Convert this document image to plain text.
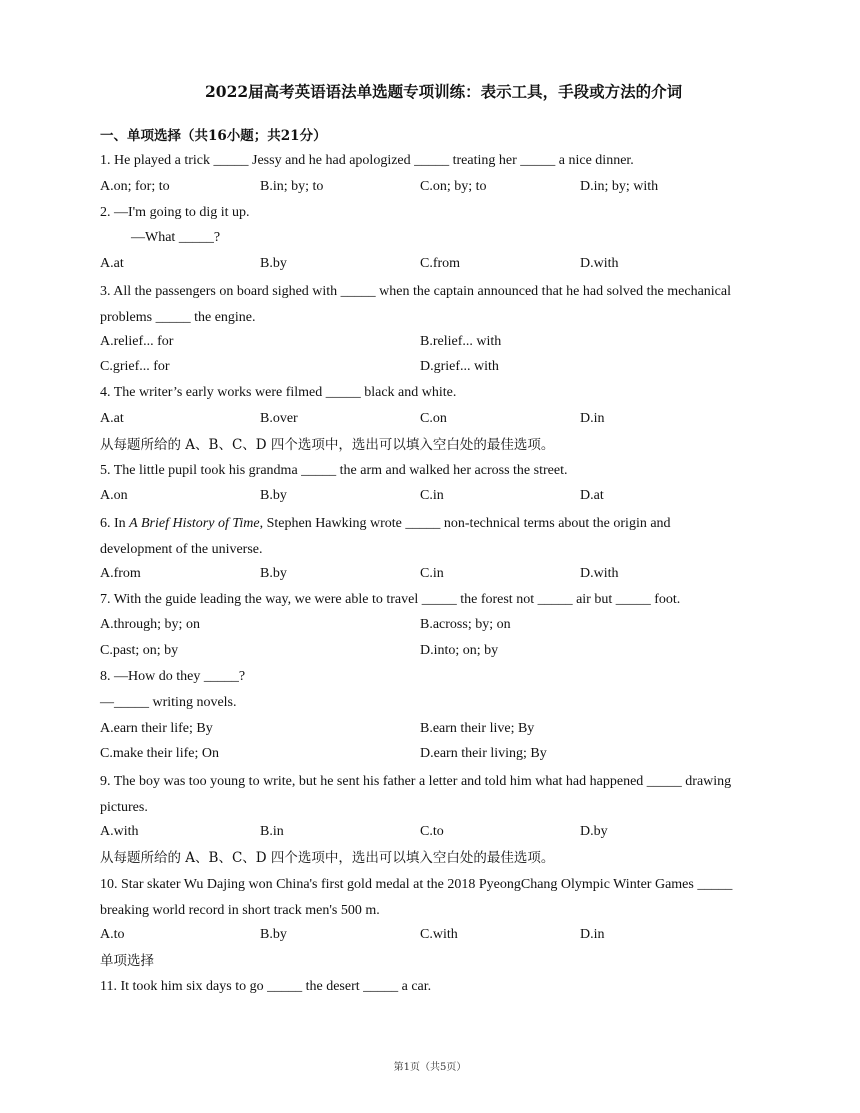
2022届高考英语语法单选题专项训练：表示工具，手段或方法的介词
一、单项选择（共16小题；共21分）
1. He played a trick _____ Jessy and he had apologized _____ treating her _____ a nice dinner.
A.on; for; to	B.in; by; to	C.on; by; to	D.in; by; with
2. —I'm going to dig it up.
—What _____?
A.at	B.by	C.from	D.with
3. All the passengers on board sighed with _____ when the captain announced that he had solved the mechanical problems _____ the engine.
A.relief... for	B.relief... with
C.grief... for	D.grief... with
4. The writer’s early works were filmed _____ black and white.
A.at	B.over	C.on	D.in
从每题所给的 A、B、C、D 四个选项中，选出可以填入空白处的最佳选项。
5. The little pupil took his grandma _____ the arm and walked her across the street.
A.on	B.by	C.in	D.at
6. In A Brief History of Time, Stephen Hawking wrote _____ non-technical terms about the origin and development of the universe.
A.from	B.by	C.in	D.with
7. With the guide leading the way, we were able to travel _____ the forest not _____ air but _____ foot.
A.through; by; on	B.across; by; on
C.past; on; by	D.into; on; by
8. —How do they _____?
—_____ writing novels.
A.earn their life; By	B.earn their live; By
C.make their life; On	D.earn their living; By
9. The boy was too young to write, but he sent his father a letter and told him what had happened _____ drawing pictures.
A.with	B.in	C.to	D.by
从每题所给的 A、B、C、D 四个选项中，选出可以填入空白处的最佳选项。
10. Star skater Wu Dajing won China's first gold medal at the 2018 PyeongChang Olympic Winter Games _____ breaking world record in short track men's 500 m.
A.to	B.by	C.with	D.in
单项选择
11. It took him six days to go _____ the desert _____ a car.
第1页（共5页）
